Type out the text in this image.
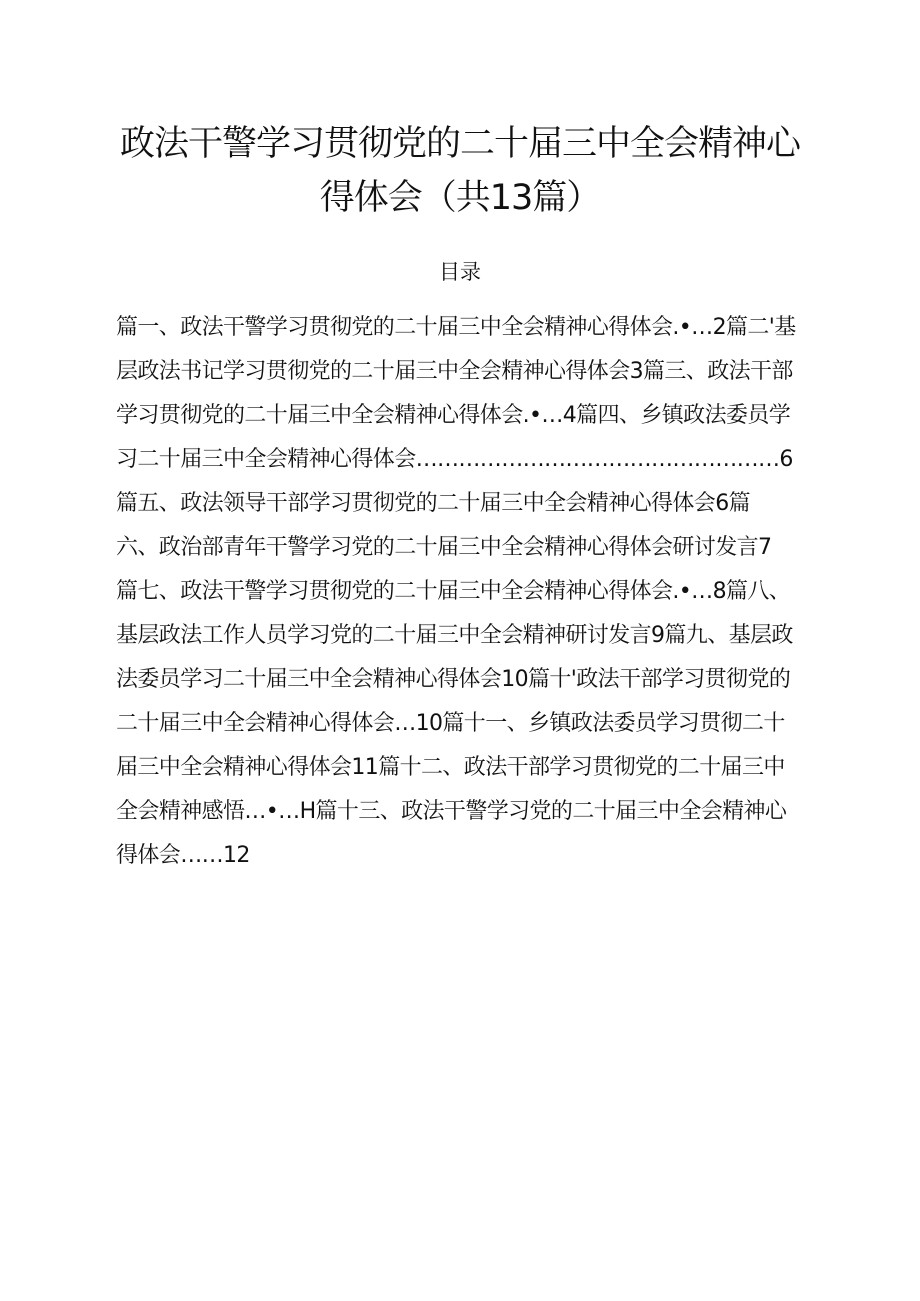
政法干警学习贯彻党的二十届三中全会精神心
得体会（共13篇）
目录
篇一、政法干警学习贯彻党的二十届三中全会精神心得体会.•…2篇二'基
层政法书记学习贯彻党的二十届三中全会精神心得体会3篇三、政法干部
学习贯彻党的二十届三中全会精神心得体会.•…4篇四、乡镇政法委员学
习二十届三中全会精神心得体会……………………………………………6
篇五、政法领导干部学习贯彻党的二十届三中全会精神心得体会6篇
六、政治部青年干警学习党的二十届三中全会精神心得体会研讨发言7
篇七、政法干警学习贯彻党的二十届三中全会精神心得体会.•…8篇八、
基层政法工作人员学习党的二十届三中全会精神研讨发言9篇九、基层政
法委员学习二十届三中全会精神心得体会10篇十'政法干部学习贯彻党的
二十届三中全会精神心得体会…10篇十一、乡镇政法委员学习贯彻二十
届三中全会精神心得体会11篇十二、政法干部学习贯彻党的二十届三中
全会精神感悟…•…H篇十三、政法干警学习党的二十届三中全会精神心
得体会……12
